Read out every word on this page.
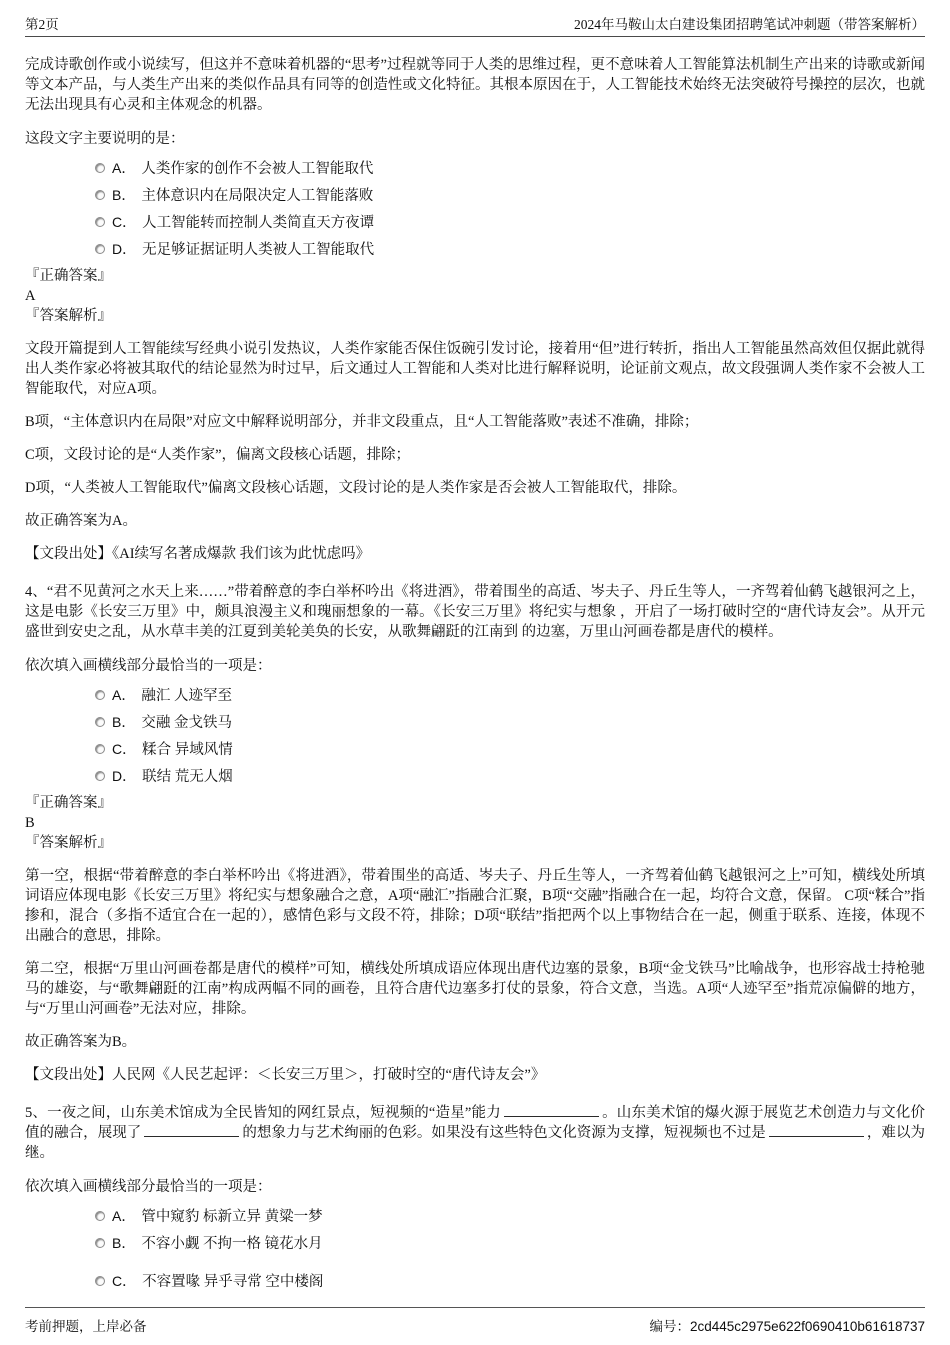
第2页	2024年马鞍山太白建设集团招聘笔试冲刺题（带答案解析）

完成诗歌创作或小说续写，但这并不意味着机器的“思考”过程就等同于人类的思维过程，更不意味着人工智能算法机制生产出来的诗歌或新闻等文本产品，与人类生产出来的类似作品具有同等的创造性或文化特征。其根本原因在于，人工智能技术始终无法突破符号操控的层次，也就无法出现具有心灵和主体观念的机器。

这段文字主要说明的是：

A． 人类作家的创作不会被人工智能取代
B． 主体意识内在局限决定人工智能落败
C． 人工智能转而控制人类简直天方夜谭
D． 无足够证据证明人类被人工智能取代
『正确答案』
A
『答案解析』

文段开篇提到人工智能续写经典小说引发热议，人类作家能否保住饭碗引发讨论，接着用“但”进行转折，指出人工智能虽然高效但仅据此就得出人类作家必将被其取代的结论显然为时过早，后文通过人工智能和人类对比进行解释说明，论证前文观点，故文段强调人类作家不会被人工智能取代，对应A项。

B项，“主体意识内在局限”对应文中解释说明部分，并非文段重点，且“人工智能落败”表述不准确，排除；

C项，文段讨论的是“人类作家”，偏离文段核心话题，排除；

D项，“人类被人工智能取代”偏离文段核心话题，文段讨论的是人类作家是否会被人工智能取代，排除。

故正确答案为A。

【文段出处】《AI续写名著成爆款 我们该为此忧虑吗》

4、“君不见黄河之水天上来……”带着醉意的李白举杯吟出《将进酒》，带着围坐的高适、岑夫子、丹丘生等人，一齐驾着仙鹤飞越银河之上，这是电影《长安三万里》中，颇具浪漫主义和瑰丽想象的一幕。《长安三万里》将纪实与想象 ，开启了一场打破时空的“唐代诗友会”。从开元盛世到安史之乱，从水草丰美的江夏到美轮美奂的长安，从歌舞翩跹的江南到 的边塞，万里山河画卷都是唐代的模样。

依次填入画横线部分最恰当的一项是：

A． 融汇 人迹罕至
B． 交融 金戈铁马
C． 糅合 异域风情
D． 联结 荒无人烟
『正确答案』
B
『答案解析』

第一空，根据“带着醉意的李白举杯吟出《将进酒》，带着围坐的高适、岑夫子、丹丘生等人，一齐驾着仙鹤飞越银河之上”可知，横线处所填词语应体现电影《长安三万里》将纪实与想象融合之意，A项“融汇”指融合汇聚，B项“交融”指融合在一起，均符合文意，保留。 C项“糅合”指掺和，混合（多指不适宜合在一起的），感情色彩与文段不符，排除；D项“联结”指把两个以上事物结合在一起，侧重于联系、连接，体现不出融合的意思，排除。

第二空，根据“万里山河画卷都是唐代的模样”可知，横线处所填成语应体现出唐代边塞的景象，B项“金戈铁马”比喻战争，也形容战士持枪驰马的雄姿，与“歌舞翩跹的江南”构成两幅不同的画卷，且符合唐代边塞多打仗的景象，符合文意，当选。A项“人迹罕至”指荒凉偏僻的地方，与“万里山河画卷”无法对应，排除。

故正确答案为B。

【文段出处】人民网《人民艺起评：＜长安三万里＞，打破时空的“唐代诗友会”》

5、一夜之间，山东美术馆成为全民皆知的网红景点，短视频的“造星”能力	。山东美术馆的爆火源于展览艺术创造力与文化价值的融合，展现了	的想象力与艺术绚丽的色彩。如果没有这些特色文化资源为支撑，短视频也不过是	，难以为继。

依次填入画横线部分最恰当的一项是：

A． 管中窥豹 标新立异 黄粱一梦
B． 不容小觑 不拘一格 镜花水月
C． 不容置喙 异乎寻常 空中楼阁
考前押题，上岸必备	编号：2cd445c2975e622f0690410b61618737
